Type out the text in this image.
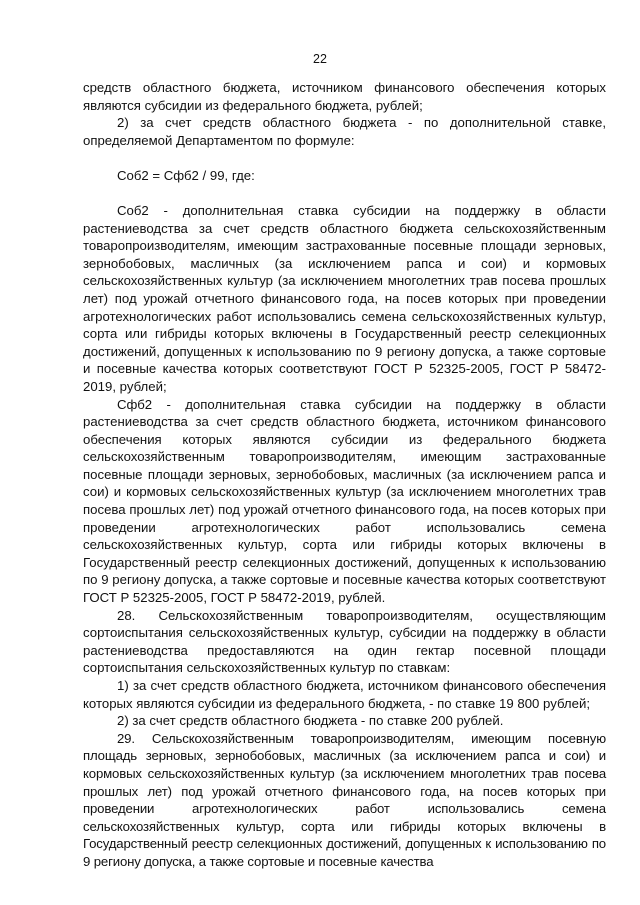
22

средств областного бюджета, источником финансового обеспечения которых являются субсидии из федерального бюджета, рублей;

2) за счет средств областного бюджета - по дополнительной ставке, определяемой Департаментом по формуле:

Соб2 = Сфб2 / 99, где:

Соб2 - дополнительная ставка субсидии на поддержку в области растениеводства за счет средств областного бюджета сельскохозяйственным товаропроизводителям, имеющим застрахованные посевные площади зерновых, зернобобовых, масличных (за исключением рапса и сои) и кормовых сельскохозяйственных культур (за исключением многолетних трав посева прошлых лет) под урожай отчетного финансового года, на посев которых при проведении агротехнологических работ использовались семена сельскохозяйственных культур, сорта или гибриды которых включены в Государственный реестр селекционных достижений, допущенных к использованию по 9 региону допуска, а также сортовые и посевные качества которых соответствуют ГОСТ Р 52325-2005, ГОСТ Р 58472-2019, рублей;

Сфб2 - дополнительная ставка субсидии на поддержку в области растениеводства за счет средств областного бюджета, источником финансового обеспечения которых являются субсидии из федерального бюджета сельскохозяйственным товаропроизводителям, имеющим застрахованные посевные площади зерновых, зернобобовых, масличных (за исключением рапса и сои) и кормовых сельскохозяйственных культур (за исключением многолетних трав посева прошлых лет) под урожай отчетного финансового года, на посев которых при проведении агротехнологических работ использовались семена сельскохозяйственных культур, сорта или гибриды которых включены в Государственный реестр селекционных достижений, допущенных к использованию по 9 региону допуска, а также сортовые и посевные качества которых соответствуют ГОСТ Р 52325-2005, ГОСТ Р 58472-2019, рублей.

28. Сельскохозяйственным товаропроизводителям, осуществляющим сортоиспытания сельскохозяйственных культур, субсидии на поддержку в области растениеводства предоставляются на один гектар посевной площади сортоиспытания сельскохозяйственных культур по ставкам:

1) за счет средств областного бюджета, источником финансового обеспечения которых являются субсидии из федерального бюджета, - по ставке 19 800 рублей;

2) за счет средств областного бюджета - по ставке 200 рублей.

29. Сельскохозяйственным товаропроизводителям, имеющим посевную площадь зерновых, зернобобовых, масличных (за исключением рапса и сои) и кормовых сельскохозяйственных культур (за исключением многолетних трав посева прошлых лет) под урожай отчетного финансового года, на посев которых при проведении агротехнологических работ использовались семена сельскохозяйственных культур, сорта или гибриды которых включены в Государственный реестр селекционных достижений, допущенных к использованию по 9 региону допуска, а также сортовые и посевные качества
